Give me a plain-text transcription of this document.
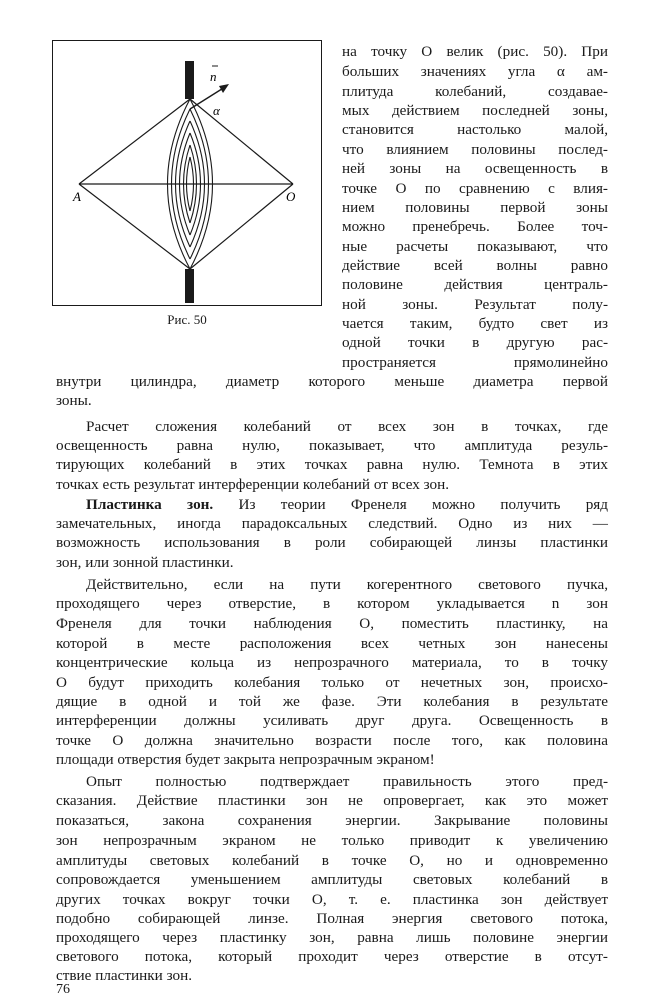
n
α
A	O
Рис. 50
на точку O велик (рис. 50). При
больших значениях угла α ам-
плитуда колебаний, создавае-
мых действием последней зоны,
становится настолько малой,
что влиянием половины послед-
ней зоны на освещенность в
точке O по сравнению с влия-
нием половины первой зоны
можно пренебречь. Более точ-
ные расчеты показывают, что
действие всей волны равно
половине действия централь-
ной зоны. Результат полу-
чается таким, будто свет из
одной точки в другую рас-
пространяется прямолинейно
внутри цилиндра, диаметр которого меньше диаметра первой
зоны.
Расчет сложения колебаний от всех зон в точках, где
освещенность равна нулю, показывает, что амплитуда резуль-
тирующих колебаний в этих точках равна нулю. Темнота в этих
точках есть результат интерференции колебаний от всех зон.
Пластинка зон. Из теории Френеля можно получить ряд
замечательных, иногда парадоксальных следствий. Одно из них —
возможность использования в роли собирающей линзы пластинки
зон, или зонной пластинки.
Действительно, если на пути когерентного светового пучка,
проходящего через отверстие, в котором укладывается n зон
Френеля для точки наблюдения O, поместить пластинку, на
которой в месте расположения всех четных зон нанесены
концентрические кольца из непрозрачного материала, то в точку
O будут приходить колебания только от нечетных зон, происхо-
дящие в одной и той же фазе. Эти колебания в результате
интерференции должны усиливать друг друга. Освещенность в
точке O должна значительно возрасти после того, как половина
площади отверстия будет закрыта непрозрачным экраном!
Опыт полностью подтверждает правильность этого пред-
сказания. Действие пластинки зон не опровергает, как это может
показаться, закона сохранения энергии. Закрывание половины
зон непрозрачным экраном не только приводит к увеличению
амплитуды световых колебаний в точке O, но и одновременно
сопровождается уменьшением амплитуды световых колебаний в
других точках вокруг точки O, т. е. пластинка зон действует
подобно собирающей линзе. Полная энергия светового потока,
проходящего через пластинку зон, равна лишь половине энергии
светового потока, который проходит через отверстие в отсут-
ствие пластинки зон.
76
